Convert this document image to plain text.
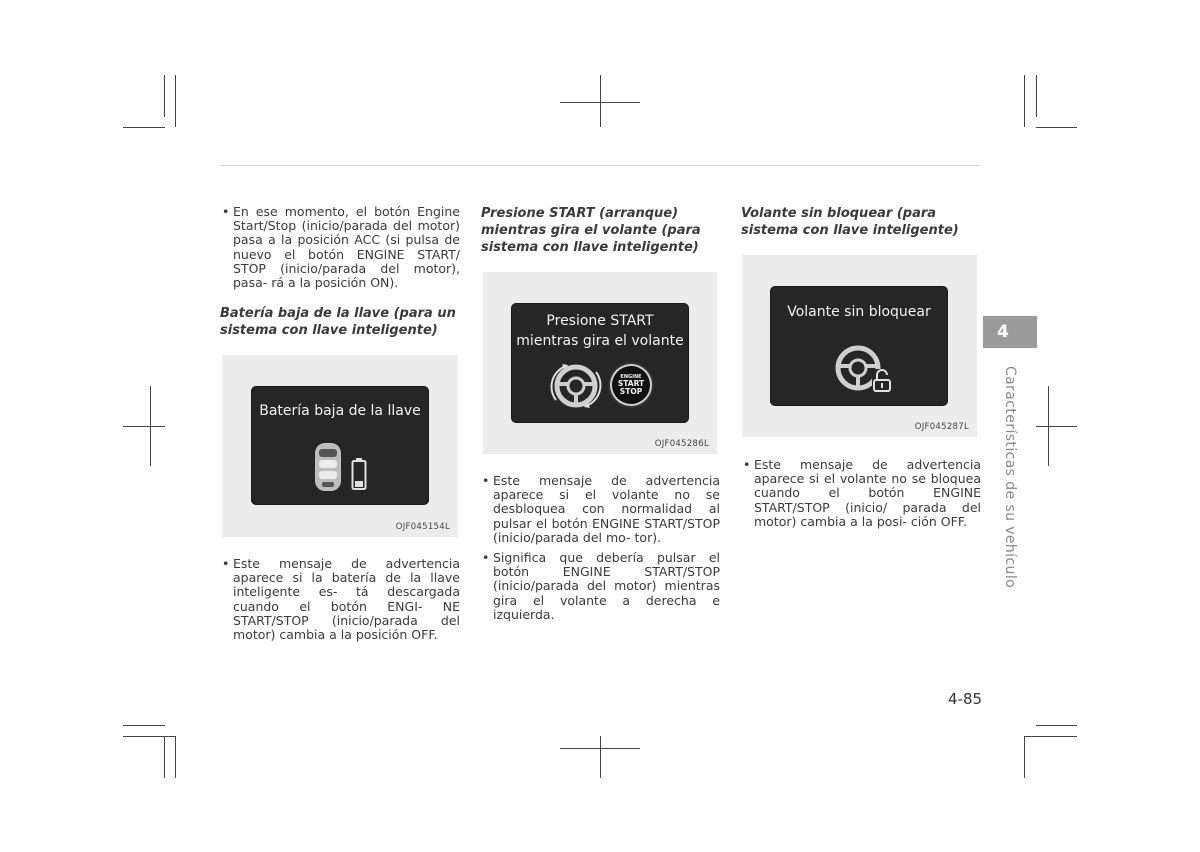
• En ese momento, el botón Engine Start/Stop (inicio/parada del motor) pasa a la posición ACC (si pulsa de nuevo el botón ENGINE START/ STOP (inicio/parada del motor), pasa- rá a la posición ON).

Batería baja de la llave (para un sistema con llave inteligente)

Batería baja de la llave
OJF045154L

• Este mensaje de advertencia aparece si la batería de la llave inteligente es- tá descargada cuando el botón ENGI- NE START/STOP (inicio/parada del motor) cambia a la posición OFF.

Presione START (arranque) mientras gira el volante (para sistema con llave inteligente)

Presione START
mientras gira el volante
ENGINE
START
STOP
OJF045286L

• Este mensaje de advertencia aparece si el volante no se desbloquea con normalidad al pulsar el botón ENGINE START/STOP (inicio/parada del mo- tor).

• Significa que debería pulsar el botón ENGINE START/STOP (inicio/parada del motor) mientras gira el volante a derecha e izquierda.

Volante sin bloquear (para sistema con llave inteligente)

Volante sin bloquear
OJF045287L

• Este mensaje de advertencia aparece si el volante no se bloquea cuando el botón ENGINE START/STOP (inicio/ parada del motor) cambia a la posi- ción OFF.

4
Características de su vehículo
4-85
